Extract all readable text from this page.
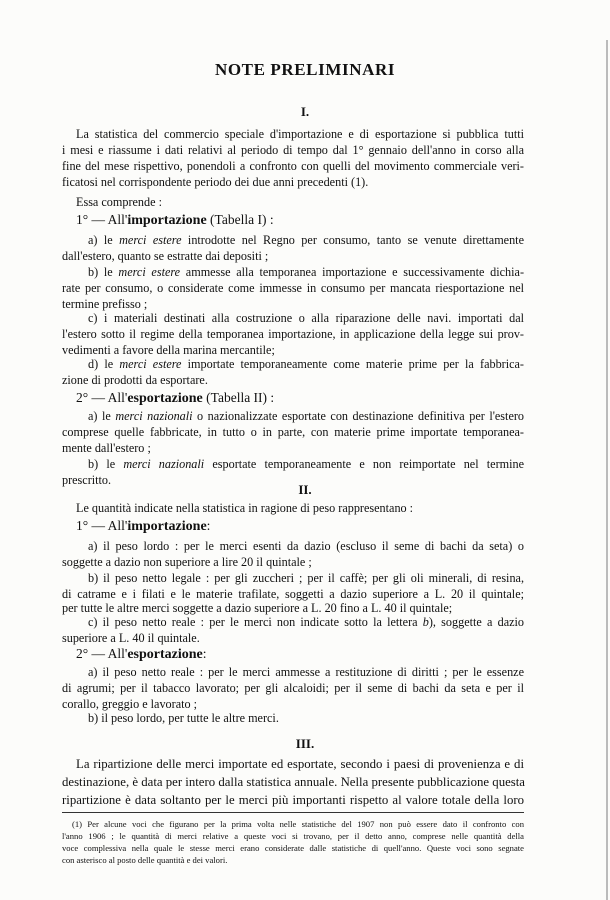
NOTE PRELIMINARI
I.
La statistica del commercio speciale d'importazione e di esportazione si pubblica tutti
i mesi e riassume i dati relativi al periodo di tempo dal 1° gennaio dell'anno in corso alla
fine del mese rispettivo, ponendoli a confronto con quelli del movimento commerciale veri-
ficatosi nel corrispondente periodo dei due anni precedenti (1).
Essa comprende :
1° — All'importazione (Tabella I) :
a) le merci estere introdotte nel Regno per consumo, tanto se venute direttamente
dall'estero, quanto se estratte dai depositi ;
b) le merci estere ammesse alla temporanea importazione e successivamente dichia-
rate per consumo, o considerate come immesse in consumo per mancata riesportazione nel
termine prefisso ;
c) i materiali destinati alla costruzione o alla riparazione delle navi. importati dal
l'estero sotto il regime della temporanea importazione, in applicazione della legge sui prov-
vedimenti a favore della marina mercantile;
d) le merci estere importate temporaneamente come materie prime per la fabbrica-
zione di prodotti da esportare.
2° — All'esportazione (Tabella II) :
a) le merci nazionali o nazionalizzate esportate con destinazione definitiva per l'estero
comprese quelle fabbricate, in tutto o in parte, con materie prime importate temporanea-
mente dall'estero ;
b) le merci nazionali esportate temporaneamente e non reimportate nel termine
prescritto.
II.
Le quantità indicate nella statistica in ragione di peso rappresentano :
1° — All'importazione:
a) il peso lordo : per le merci esenti da dazio (escluso il seme di bachi da seta) o
soggette a dazio non superiore a lire 20 il quintale ;
b) il peso netto legale : per gli zuccheri ; per il caffè; per gli oli minerali, di resina,
di catrame e i filati e le materie trafilate, soggetti a dazio superiore a L. 20 il quintale;
per tutte le altre merci soggette a dazio superiore a L. 20 fino a L. 40 il quintale;
c) il peso netto reale : per le merci non indicate sotto la lettera b), soggette a dazio
superiore a L. 40 il quintale.
2° — All'esportazione:
a) il peso netto reale : per le merci ammesse a restituzione di diritti ; per le essenze
di agrumi; per il tabacco lavorato; per gli alcaloidi; per il seme di bachi da seta e per il
corallo, greggio e lavorato ;
b) il peso lordo, per tutte le altre merci.
III.
La ripartizione delle merci importate ed esportate, secondo i paesi di provenienza e di
destinazione, è data per intero dalla statistica annuale. Nella presente pubblicazione questa
ripartizione è data soltanto per le merci più importanti rispetto al valore totale della loro
(1) Per alcune voci che figurano per la prima volta nelle statistiche del 1907 non può essere dato il confronto con
l'anno 1906 ; le quantità di merci relative a queste voci si trovano, per il detto anno, comprese nelle quantità della
voce complessiva nella quale le stesse merci erano considerate dalle statistiche di quell'anno. Queste voci sono segnate
con asterisco al posto delle quantità e dei valori.
